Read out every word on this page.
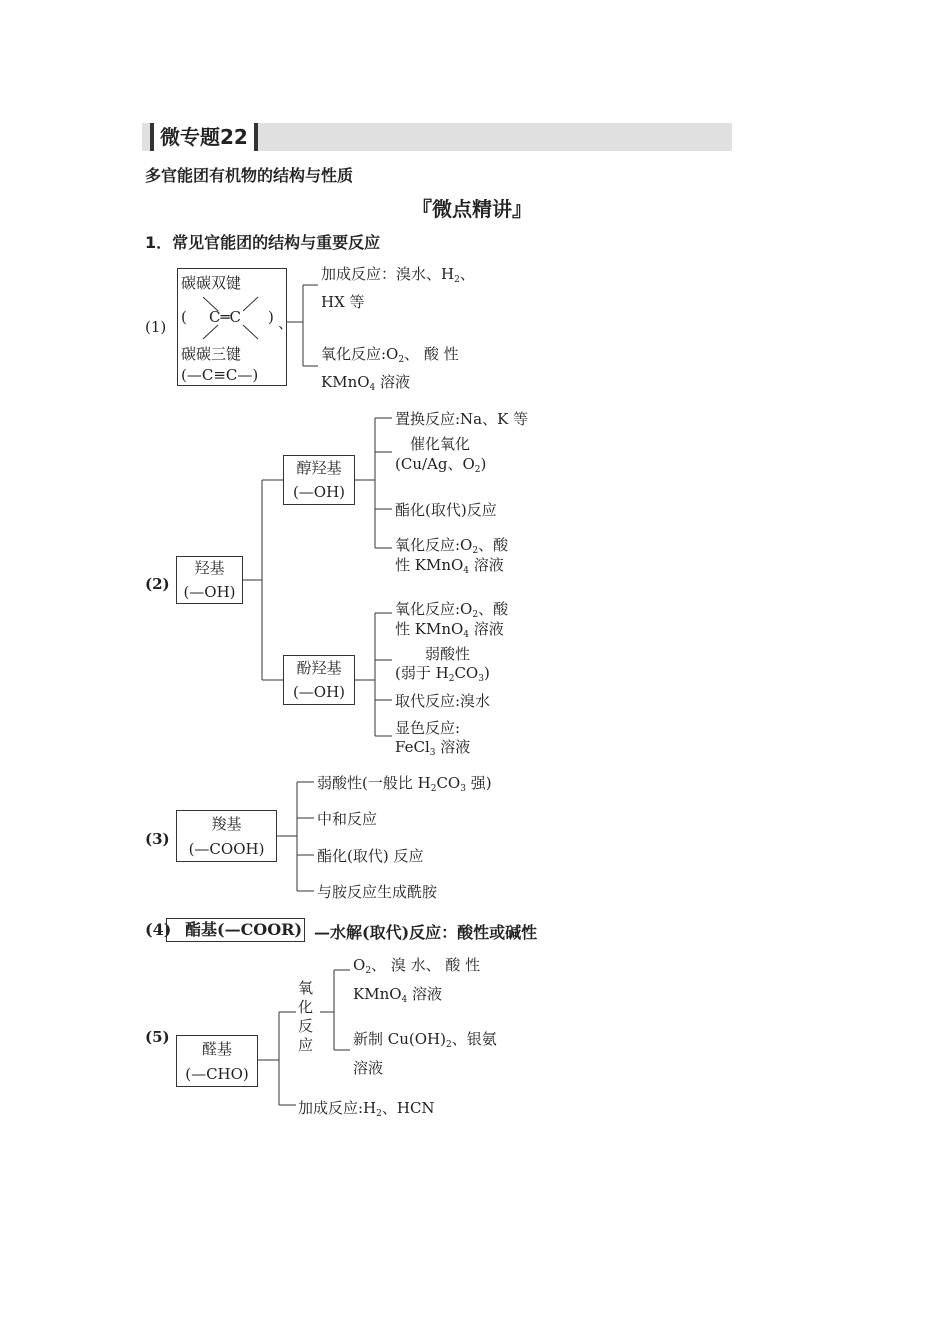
微专题22
多官能团有机物的结构与性质
『微点精讲』
1．常见官能团的结构与重要反应
(1)
碳碳双键
( C═C )
碳碳三键
(—C≡C—)
、
加成反应：溴水、$H_2$、
HX 等
氧化反应$:O_2$、 酸 性
KMnO$_4$ 溶液
(2)
羟基
(—OH)
醇羟基
(—OH)
置换反应:Na、K 等
催化氧化
(Cu/Ag、$O_2$)
酯化(取代)反应
氧化反应$:O_2$、酸
性 KMnO$_4$ 溶液
酚羟基
(—OH)
氧化反应$:O_2$、酸
性 KMnO$_4$ 溶液
弱酸性
(弱于 $H_2CO_3$)
取代反应:溴水
显色反应:
FeCl$_3$ 溶液
(3)
羧基
(—COOH)
弱酸性(一般比 $H_2CO_3$ 强)
中和反应
酯化(取代) 反应
与胺反应生成酰胺
(4) 酯基(—COOR) —水解(取代)反应：酸性或碱性
(5)
醛基
(—CHO)
氧
化
反
应
$O_2$、 溴 水、 酸 性
KMnO$_4$ 溶液
新制 $Cu(OH)_2$、银氨
溶液
加成反应$:H_2$、HCN
